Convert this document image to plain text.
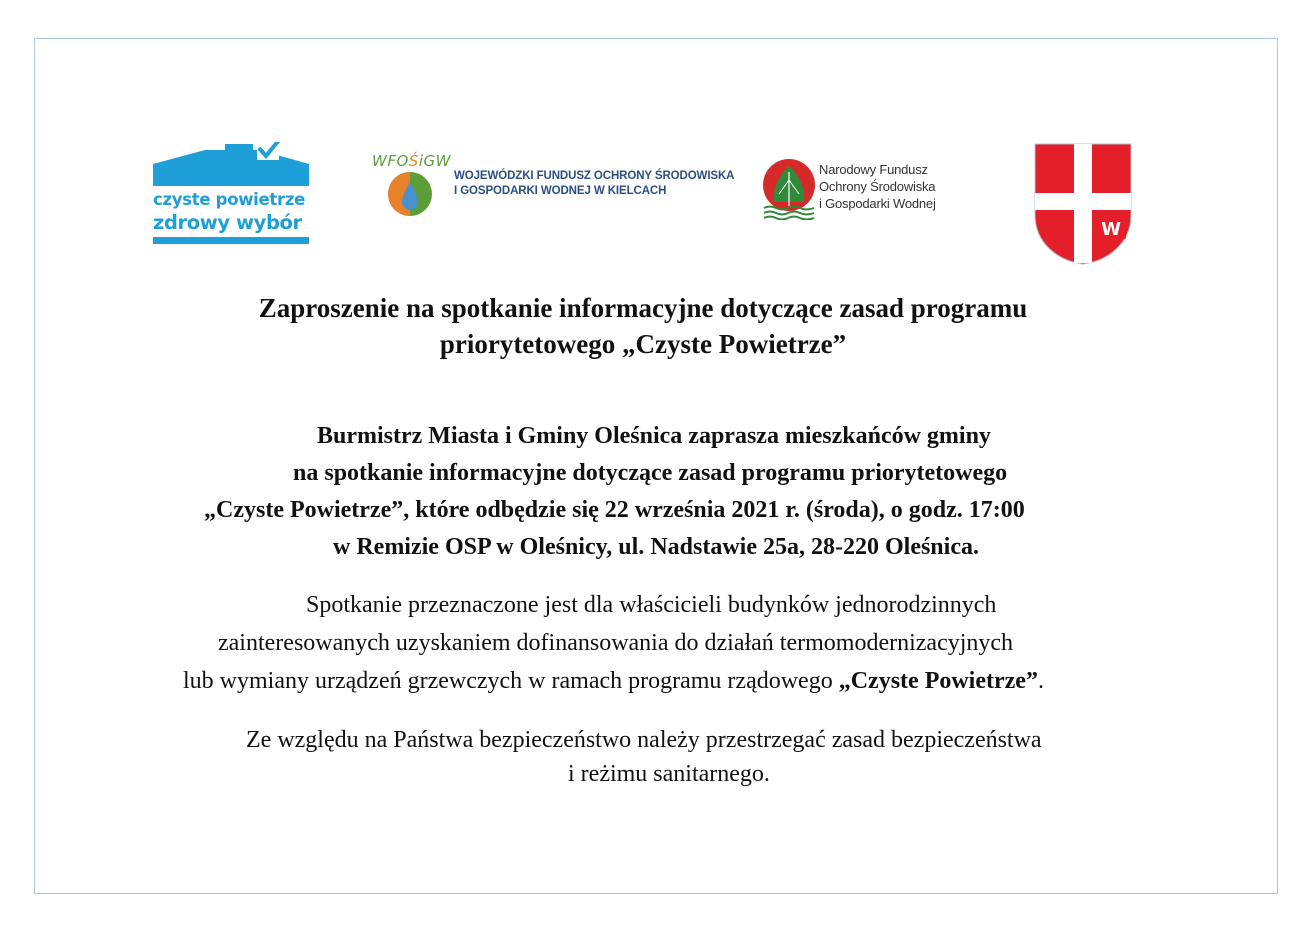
czyste powietrze
zdrowy wybór
WFOŚiGW
WOJEWÓDZKI FUNDUSZ OCHRONY ŚRODOWISKA
I GOSPODARKI WODNEJ W KIELCACH
Narodowy Fundusz
Ochrony Środowiska
i Gospodarki Wodnej
W
Zaproszenie na spotkanie informacyjne dotyczące zasad programu
priorytetowego „Czyste Powietrze”
Burmistrz Miasta i Gminy Oleśnica zaprasza mieszkańców gminy
na spotkanie informacyjne dotyczące zasad programu priorytetowego
„Czyste Powietrze”, które odbędzie się 22 września 2021 r. (środa), o godz. 17:00
w Remizie OSP w Oleśnicy, ul. Nadstawie 25a, 28-220 Oleśnica.
Spotkanie przeznaczone jest dla właścicieli budynków jednorodzinnych
zainteresowanych uzyskaniem dofinansowania do działań termomodernizacyjnych
lub wymiany urządzeń grzewczych w ramach programu rządowego „Czyste Powietrze”.
Ze względu na Państwa bezpieczeństwo należy przestrzegać zasad bezpieczeństwa
i reżimu sanitarnego.
